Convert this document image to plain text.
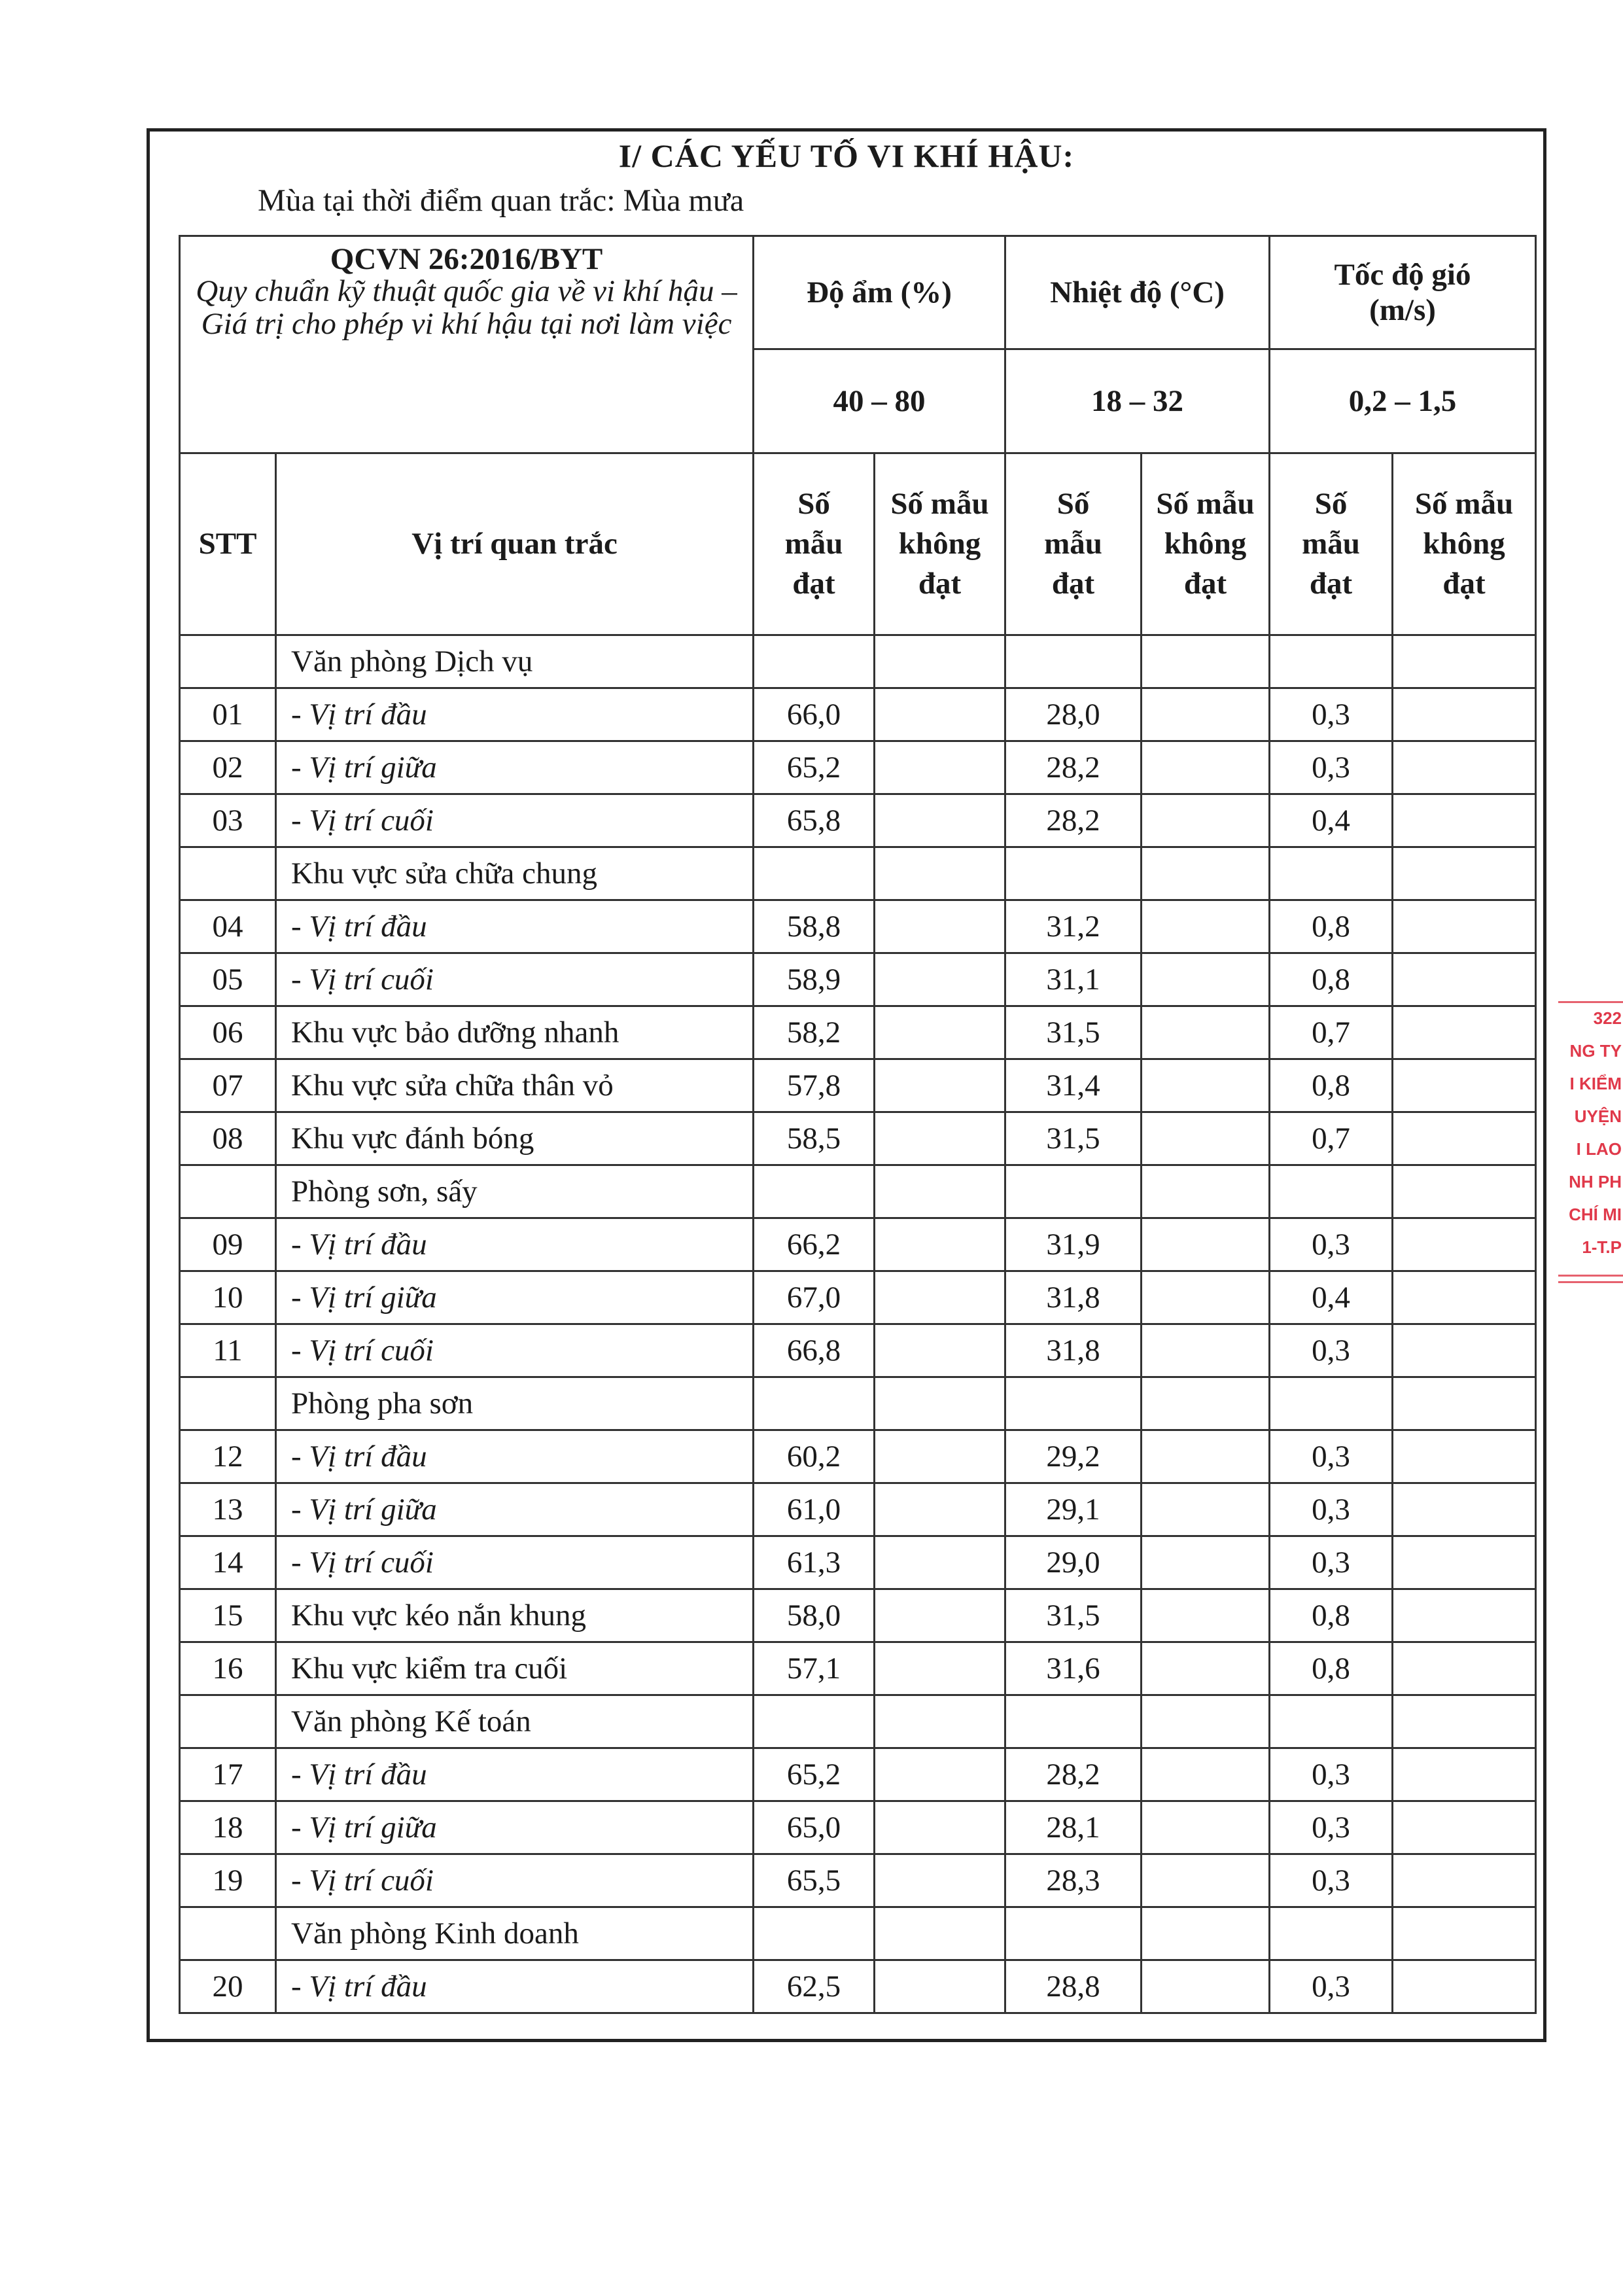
I/ CÁC YẾU TỐ VI KHÍ HẬU:
Mùa tại thời điểm quan trắc: Mùa mưa
QCVN 26:2016/BYT
Quy chuẩn kỹ thuật quốc gia về vi khí hậu – Giá trị cho phép vi khí hậu tại nơi làm việc		Độ ẩm (%)		Nhiệt độ (°C)		Tốc độ gió (m/s)	
		40 – 80		18 – 32		0,2 – 1,5	
STT	Vị trí quan trắc	Số mẫu đạt	Số mẫu không đạt	Số mẫu đạt	Số mẫu không đạt	Số mẫu đạt	Số mẫu không đạt
	Văn phòng Dịch vụ						
01	- Vị trí đầu	66,0		28,0		0,3	
02	- Vị trí giữa	65,2		28,2		0,3	
03	- Vị trí cuối	65,8		28,2		0,4	
	Khu vực sửa chữa chung						
04	- Vị trí đầu	58,8		31,2		0,8	
05	- Vị trí cuối	58,9		31,1		0,8	
06	Khu vực bảo dưỡng nhanh	58,2		31,5		0,7	
07	Khu vực sửa chữa thân vỏ	57,8		31,4		0,8	
08	Khu vực đánh bóng	58,5		31,5		0,7	
	Phòng sơn, sấy						
09	- Vị trí đầu	66,2		31,9		0,3	
10	- Vị trí giữa	67,0		31,8		0,4	
11	- Vị trí cuối	66,8		31,8		0,3	
	Phòng pha sơn						
12	- Vị trí đầu	60,2		29,2		0,3	
13	- Vị trí giữa	61,0		29,1		0,3	
14	- Vị trí cuối	61,3		29,0		0,3	
15	Khu vực kéo nắn khung	58,0		31,5		0,8	
16	Khu vực kiểm tra cuối	57,1		31,6		0,8	
	Văn phòng Kế toán						
17	- Vị trí đầu	65,2		28,2		0,3	
18	- Vị trí giữa	65,0		28,1		0,3	
19	- Vị trí cuối	65,5		28,3		0,3	
	Văn phòng Kinh doanh						
20	- Vị trí đầu	62,5		28,8		0,3	
322
NG TY
I KIỂM
UYỆN
I LAO
NH PH
CHÍ MI
1-T.P
